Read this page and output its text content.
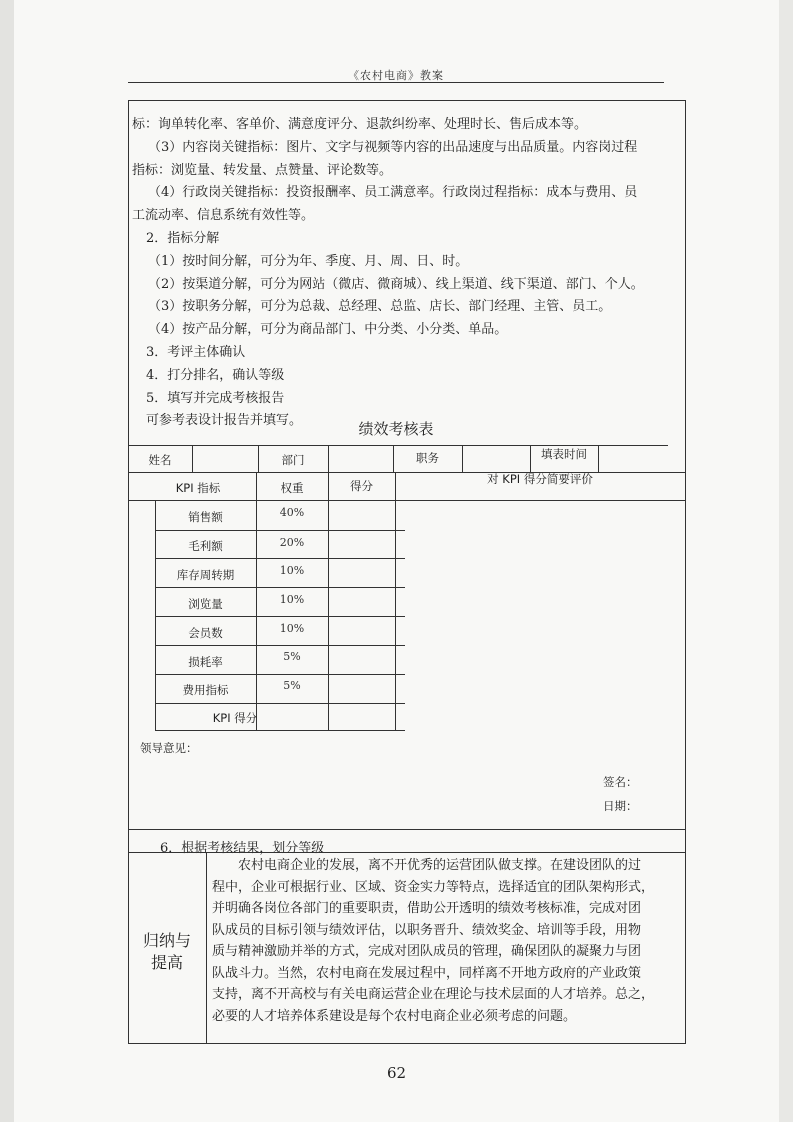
《农村电商》教案

标：询单转化率、客单价、满意度评分、退款纠纷率、处理时长、售后成本等。

（3）内容岗关键指标：图片、文字与视频等内容的出品速度与出品质量。内容岗过程

指标：浏览量、转发量、点赞量、评论数等。

（4）行政岗关键指标：投资报酬率、员工满意率。行政岗过程指标：成本与费用、员

工流动率、信息系统有效性等。

2．指标分解

（1）按时间分解，可分为年、季度、月、周、日、时。

（2）按渠道分解，可分为网站（微店、微商城）、线上渠道、线下渠道、部门、个人。

（3）按职务分解，可分为总裁、总经理、总监、店长、部门经理、主管、员工。

（4）按产品分解，可分为商品部门、中分类、小分类、单品。

3．考评主体确认

4．打分排名，确认等级

5．填写并完成考核报告

可参考表设计报告并填写。	绩效考核表
姓名	部门	职务	填表时间
KPI 指标	权重	得分	对 KPI 得分简要评价
销售额	40%
毛利额	20%
库存周转期	10%
浏览量	10%
会员数	10%
损耗率	5%
费用指标	5%
KPI 得分
领导意见：
签名：
日期：
6．根据考核结果，划分等级
归纳与
提高

农村电商企业的发展，离不开优秀的运营团队做支撑。在建设团队的过

程中，企业可根据行业、区域、资金实力等特点，选择适宜的团队架构形式，

并明确各岗位各部门的重要职责，借助公开透明的绩效考核标准，完成对团

队成员的目标引领与绩效评估，以职务晋升、绩效奖金、培训等手段，用物

质与精神激励并举的方式，完成对团队成员的管理，确保团队的凝聚力与团

队战斗力。当然，农村电商在发展过程中，同样离不开地方政府的产业政策

支持，离不开高校与有关电商运营企业在理论与技术层面的人才培养。总之，

必要的人才培养体系建设是每个农村电商企业必须考虑的问题。

62
